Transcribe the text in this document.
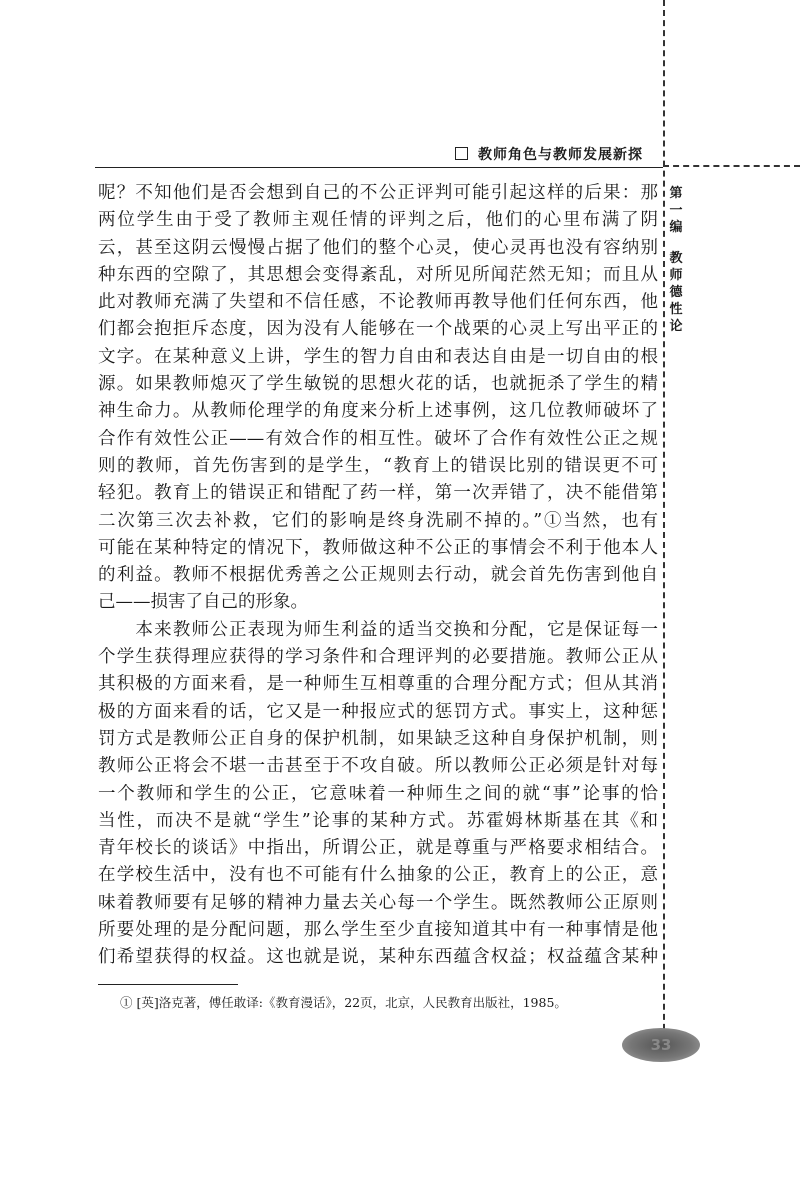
教师角色与教师发展新探
第
一
编
教
师
德
性
论
呢？不知他们是否会想到自己的不公正评判可能引起这样的后果：那
两位学生由于受了教师主观任情的评判之后，他们的心里布满了阴
云，甚至这阴云慢慢占据了他们的整个心灵，使心灵再也没有容纳别
种东西的空隙了，其思想会变得紊乱，对所见所闻茫然无知；而且从
此对教师充满了失望和不信任感，不论教师再教导他们任何东西，他
们都会抱拒斥态度，因为没有人能够在一个战栗的心灵上写出平正的
文字。在某种意义上讲，学生的智力自由和表达自由是一切自由的根
源。如果教师熄灭了学生敏锐的思想火花的话，也就扼杀了学生的精
神生命力。从教师伦理学的角度来分析上述事例，这几位教师破坏了
合作有效性公正——有效合作的相互性。破坏了合作有效性公正之规
则的教师，首先伤害到的是学生，“教育上的错误比别的错误更不可
轻犯。教育上的错误正和错配了药一样，第一次弄错了，决不能借第
二次第三次去补救，它们的影响是终身洗刷不掉的。”①当然，也有
可能在某种特定的情况下，教师做这种不公正的事情会不利于他本人
的利益。教师不根据优秀善之公正规则去行动，就会首先伤害到他自
己——损害了自己的形象。
　　本来教师公正表现为师生利益的适当交换和分配，它是保证每一
个学生获得理应获得的学习条件和合理评判的必要措施。教师公正从
其积极的方面来看，是一种师生互相尊重的合理分配方式；但从其消
极的方面来看的话，它又是一种报应式的惩罚方式。事实上，这种惩
罚方式是教师公正自身的保护机制，如果缺乏这种自身保护机制，则
教师公正将会不堪一击甚至于不攻自破。所以教师公正必须是针对每
一个教师和学生的公正，它意味着一种师生之间的就“事”论事的恰
当性，而决不是就“学生”论事的某种方式。苏霍姆林斯基在其《和
青年校长的谈话》中指出，所谓公正，就是尊重与严格要求相结合。
在学校生活中，没有也不可能有什么抽象的公正，教育上的公正，意
味着教师要有足够的精神力量去关心每一个学生。既然教师公正原则
所要处理的是分配问题，那么学生至少直接知道其中有一种事情是他
们希望获得的权益。这也就是说，某种东西蕴含权益；权益蕴含某种
① [英]洛克著，傅任敢译:《教育漫话》，22页，北京，人民教育出版社，1985。
33
